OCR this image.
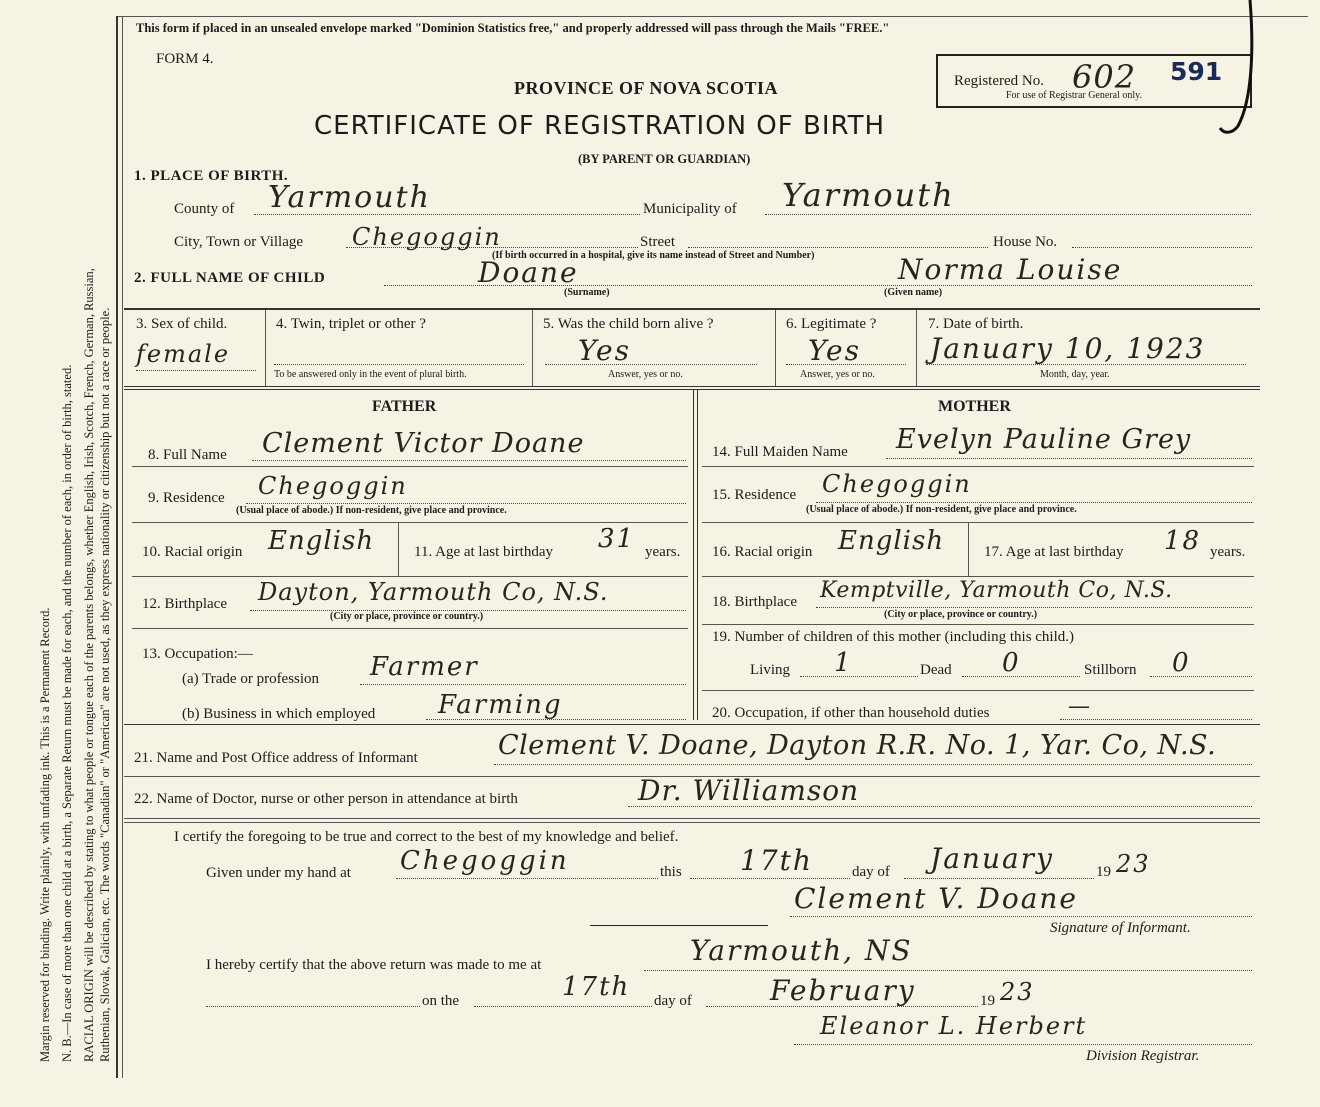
Margin reserved for binding. Write plainly, with unfading ink. This is a Permanent Record. N. B.—In case of more than one child at a birth, a Separate Return must be made for each, and the number of each, in order of birth, stated. RACIAL ORIGIN will be described by stating to what people or tongue each of the parents belongs, whether English, Irish, Scotch, French, German, Russian, Ruthenian, Slovak, Galician, etc. The words "Canadian" or "American" are not used, as they express nationality or citizenship but not a race or people.
This form if placed in an unsealed envelope marked "Dominion Statistics free," and properly addressed will pass through the Mails "FREE."
FORM 4.
PROVINCE OF NOVA SCOTIA
CERTIFICATE OF REGISTRATION OF BIRTH
(BY PARENT OR GUARDIAN)
Registered No. 602 591
For use of Registrar General only.
1. PLACE OF BIRTH.
County of Yarmouth	Municipality of Yarmouth
City, Town or Village Chegoggin	Street	House No.
(If birth occurred in a hospital, give its name instead of Street and Number)
2. FULL NAME OF CHILD	Doane
(Surname)
Norma Louise
(Given name)
3. Sex of child.
female
4. Twin, triplet or other ?
To be answered only in the event of plural birth.
5. Was the child born alive ?
Yes
Answer, yes or no.
6. Legitimate ?
Yes
Answer, yes or no.
7. Date of birth.
January 10, 1923
Month, day, year.
FATHER	MOTHER
8. Full Name Clement Victor Doane
9. Residence Chegoggin
(Usual place of abode.) If non-resident, give place and province.
10. Racial origin English	11. Age at last birthday 31 years.
12. Birthplace Dayton, Yarmouth Co, N.S.
(City or place, province or country.)
13. Occupation:—
(a) Trade or profession Farmer
(b) Business in which employed Farming
14. Full Maiden Name Evelyn Pauline Grey
15. Residence Chegoggin
(Usual place of abode.) If non-resident, give place and province.
16. Racial origin English	17. Age at last birthday 18 years.
18. Birthplace Kemptville, Yarmouth Co, N.S.
(City or place, province or country.)
19. Number of children of this mother (including this child.)
Living 1	Dead 0	Stillborn 0
20. Occupation, if other than household duties	—
21. Name and Post Office address of Informant	Clement V. Doane, Dayton R.R. No. 1, Yar. Co, N.S.
22. Name of Doctor, nurse or other person in attendance at birth	Dr. Williamson
I certify the foregoing to be true and correct to the best of my knowledge and belief.
Given under my hand at Chegoggin	this 17th	day of January	19 23
Clement V. Doane
Signature of Informant.
I hereby certify that the above return was made to me at	Yarmouth, NS
on the	17th day of	February	19 23
Eleanor L. Herbert
Division Registrar.
